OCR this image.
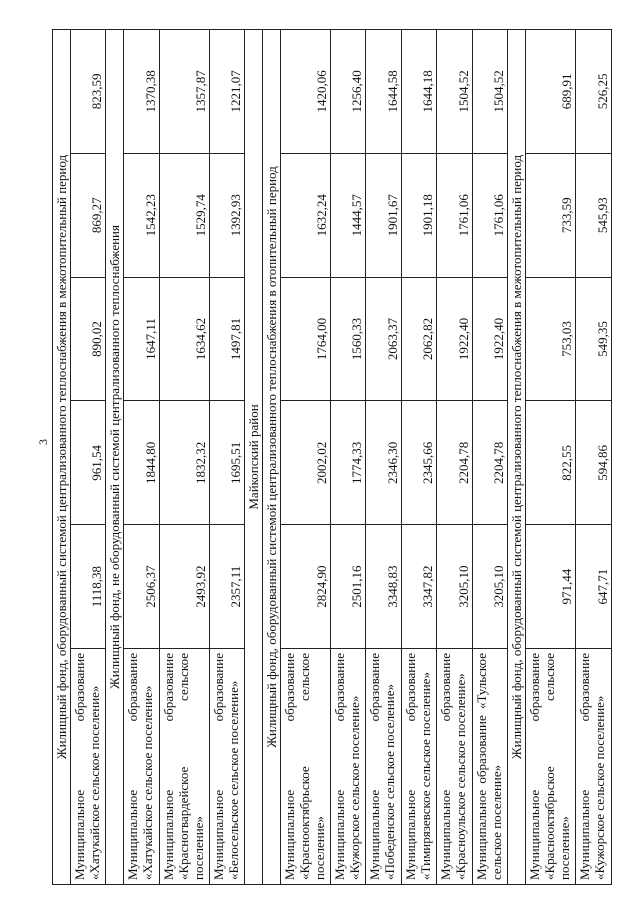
3 Жилищный фонд, оборудованный системой централизованного теплоснабжения в межотопительный период					
Муниципальное образование «Хатукайское сельское поселение»	1118,38	961,54	890,02	869,27	823,59
Жилищный фонд, не оборудованный системой централизованного теплоснабжения					
Муниципальное образование «Хатукайское сельское поселение»	2506,37	1844,80	1647,11	1542,23	1370,38
Муниципальное образование «Красногвардейское сельское поселение»	2493,92	1832,32	1634,62	1529,74	1357,87
Муниципальное образование «Белосельское сельское поселение»	2357,11	1695,51	1497,81	1392,93	1221,07
Майкопский район					
Жилищный фонд, оборудованный системой централизованного теплоснабжения в отопительный период					
Муниципальное образование «Краснооктябрьское сельское поселение»	2824,90	2002,02	1764,00	1632,24	1420,06
Муниципальное образование «Кужорское сельское поселение»	2501,16	1774,33	1560,33	1444,57	1256,40
Муниципальное образование «Победенское сельское поселение»	3348,83	2346,30	2063,37	1901,67	1644,58
Муниципальное образование «Тимирязевское сельское поселение»	3347,82	2345,66	2062,82	1901,18	1644,18
Муниципальное образование «Красноульское сельское поселение»	3205,10	2204,78	1922,40	1761,06	1504,52
Муниципальное образование «Тульское сельское поселение»	3205,10	2204,78	1922,40	1761,06	1504,52
Жилищный фонд, оборудованный системой централизованного теплоснабжения в межотопительный период					
Муниципальное образование «Краснооктябрьское сельское поселение»	971,44	822,55	753,03	733,59	689,91
Муниципальное образование «Кужорское сельское поселение»	647,71	594,86	549,35	545,93	526,25
